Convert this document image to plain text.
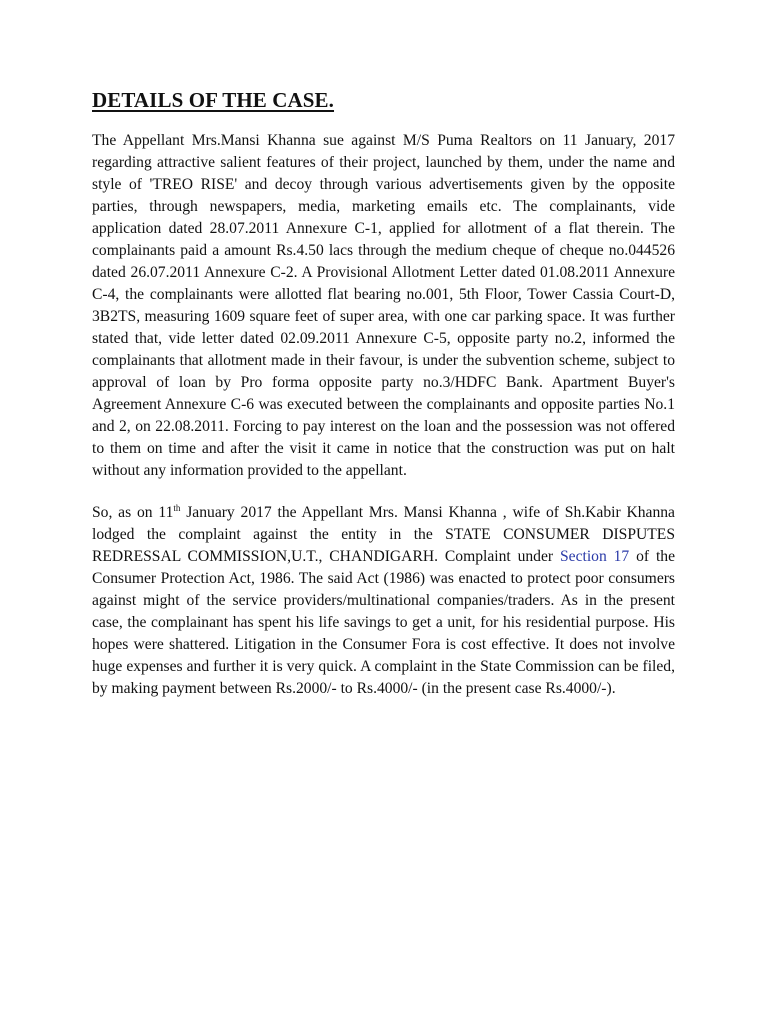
DETAILS OF THE CASE.

The Appellant Mrs.Mansi Khanna sue against M/S Puma Realtors on 11 January, 2017 regarding attractive salient features of their project, launched by them, under the name and style of 'TREO RISE' and decoy through various advertisements given by the opposite parties, through newspapers, media, marketing emails etc. The complainants, vide application dated 28.07.2011 Annexure C-1, applied for allotment of a flat therein. The complainants paid a amount Rs.4.50 lacs through the medium cheque of cheque no.044526 dated 26.07.2011 Annexure C-2. A Provisional Allotment Letter dated 01.08.2011 Annexure C-4, the complainants were allotted flat bearing no.001, 5th Floor, Tower Cassia Court-D, 3B2TS, measuring 1609 square feet of super area, with one car parking space. It was further stated that, vide letter dated 02.09.2011 Annexure C-5, opposite party no.2, informed the complainants that allotment made in their favour, is under the subvention scheme, subject to approval of loan by Pro forma opposite party no.3/HDFC Bank. Apartment Buyer's Agreement Annexure C-6 was executed between the complainants and opposite parties No.1 and 2, on 22.08.2011. Forcing to pay interest on the loan and the possession was not offered to them on time and after the visit it came in notice that the construction was put on halt without any information provided to the appellant.

So, as on 11th January 2017 the Appellant Mrs. Mansi Khanna , wife of Sh.Kabir Khanna lodged the complaint against the entity in the STATE CONSUMER DISPUTES REDRESSAL COMMISSION,U.T., CHANDIGARH. Complaint under Section 17 of the Consumer Protection Act, 1986. The said Act (1986) was enacted to protect poor consumers against might of the service providers/multinational companies/traders. As in the present case, the complainant has spent his life savings to get a unit, for his residential purpose. His hopes were shattered. Litigation in the Consumer Fora is cost effective. It does not involve huge expenses and further it is very quick. A complaint in the State Commission can be filed, by making payment between Rs.2000/- to Rs.4000/- (in the present case Rs.4000/-).
